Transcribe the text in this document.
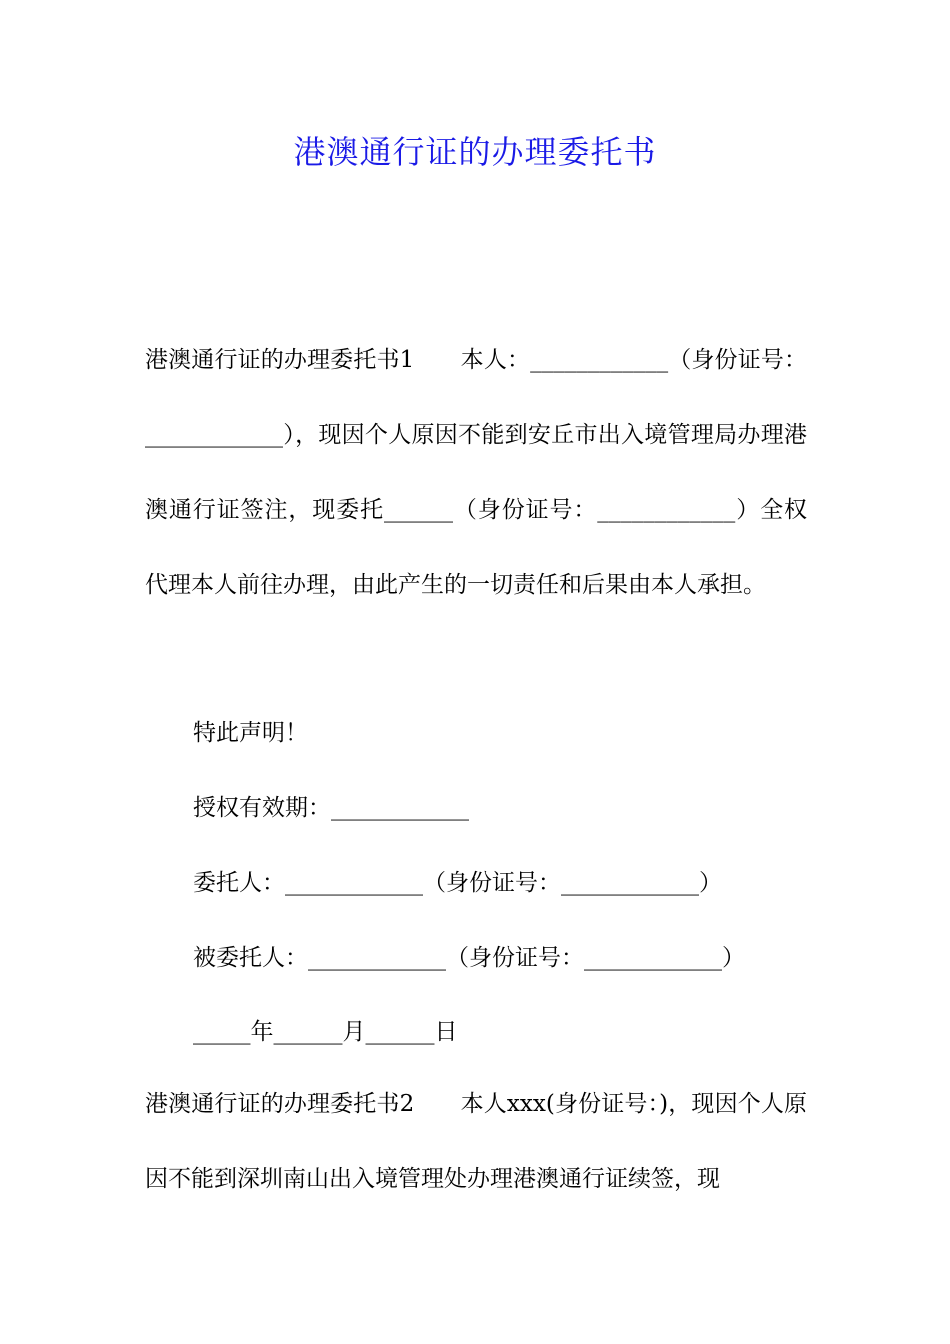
港澳通行证的办理委托书
港澳通行证的办理委托书1　　本人：____________（身份证号：____________），现因个人原因不能到安丘市出入境管理局办理港澳通行证签注，现委托______（身份证号：____________）全权代理本人前往办理，由此产生的一切责任和后果由本人承担。
特此声明！
授权有效期：____________
委托人：____________（身份证号：____________）
被委托人：____________（身份证号：____________）
_____年______月______日
港澳通行证的办理委托书2　　本人xxx(身份证号：)，现因个人原因不能到深圳南山出入境管理处办理港澳通行证续签，现
